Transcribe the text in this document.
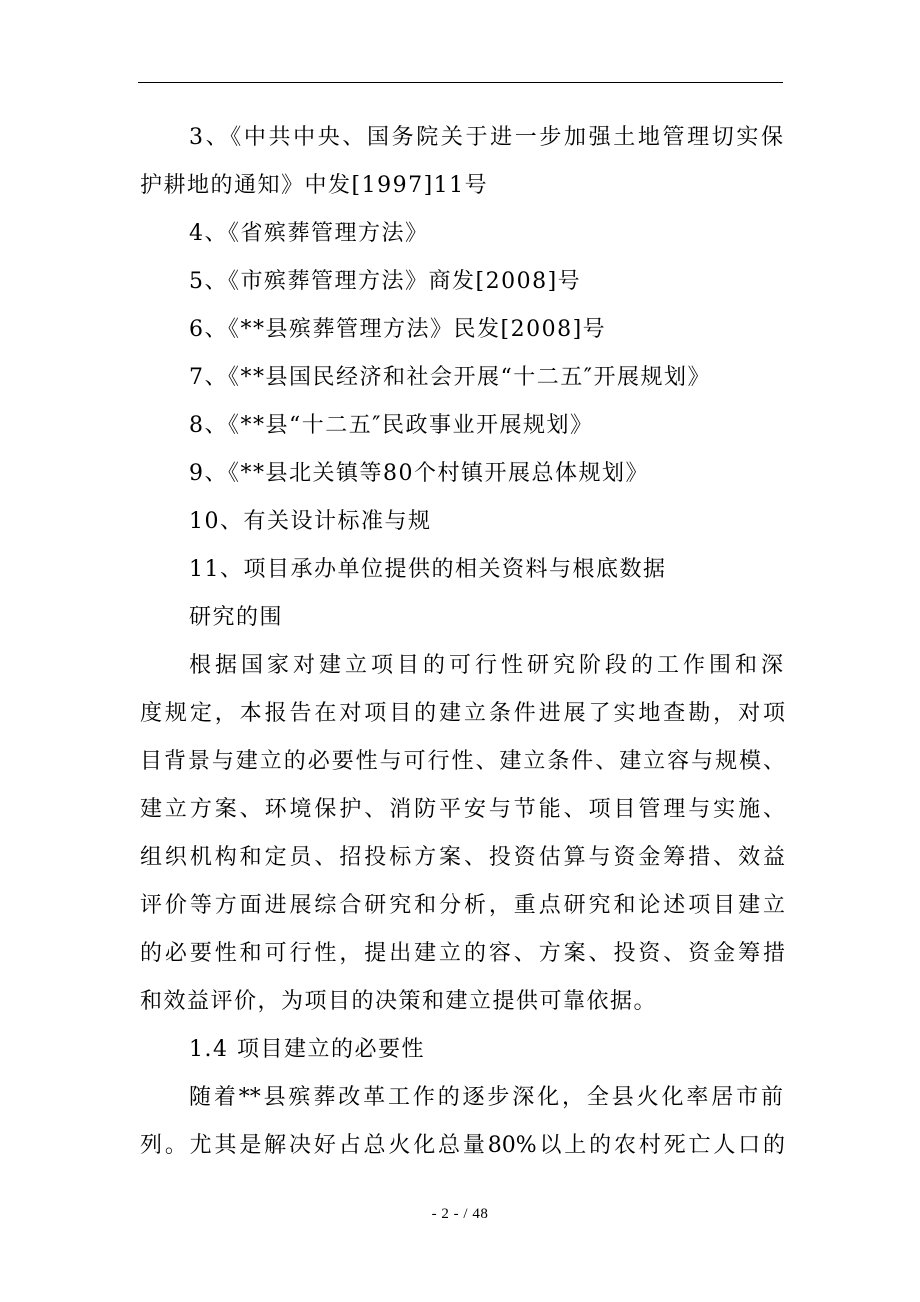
3、《中共中央、国务院关于进一步加强土地管理切实保
护耕地的通知》中发[1997]11号
4、《省殡葬管理方法》
5、《市殡葬管理方法》商发[2008]号
6、《**县殡葬管理方法》民发[2008]号
7、《**县国民经济和社会开展“十二五″开展规划》
8、《**县“十二五″民政事业开展规划》
9、《**县北关镇等80个村镇开展总体规划》
10、有关设计标准与规
11、项目承办单位提供的相关资料与根底数据
研究的围
根据国家对建立项目的可行性研究阶段的工作围和深
度规定，本报告在对项目的建立条件进展了实地查勘，对项
目背景与建立的必要性与可行性、建立条件、建立容与规模、
建立方案、环境保护、消防平安与节能、项目管理与实施、
组织机构和定员、招投标方案、投资估算与资金筹措、效益
评价等方面进展综合研究和分析，重点研究和论述项目建立
的必要性和可行性，提出建立的容、方案、投资、资金筹措
和效益评价，为项目的决策和建立提供可靠依据。
1.4 项目建立的必要性
随着**县殡葬改革工作的逐步深化，全县火化率居市前
列。尤其是解决好占总火化总量80%以上的农村死亡人口的
- 2 - / 48
